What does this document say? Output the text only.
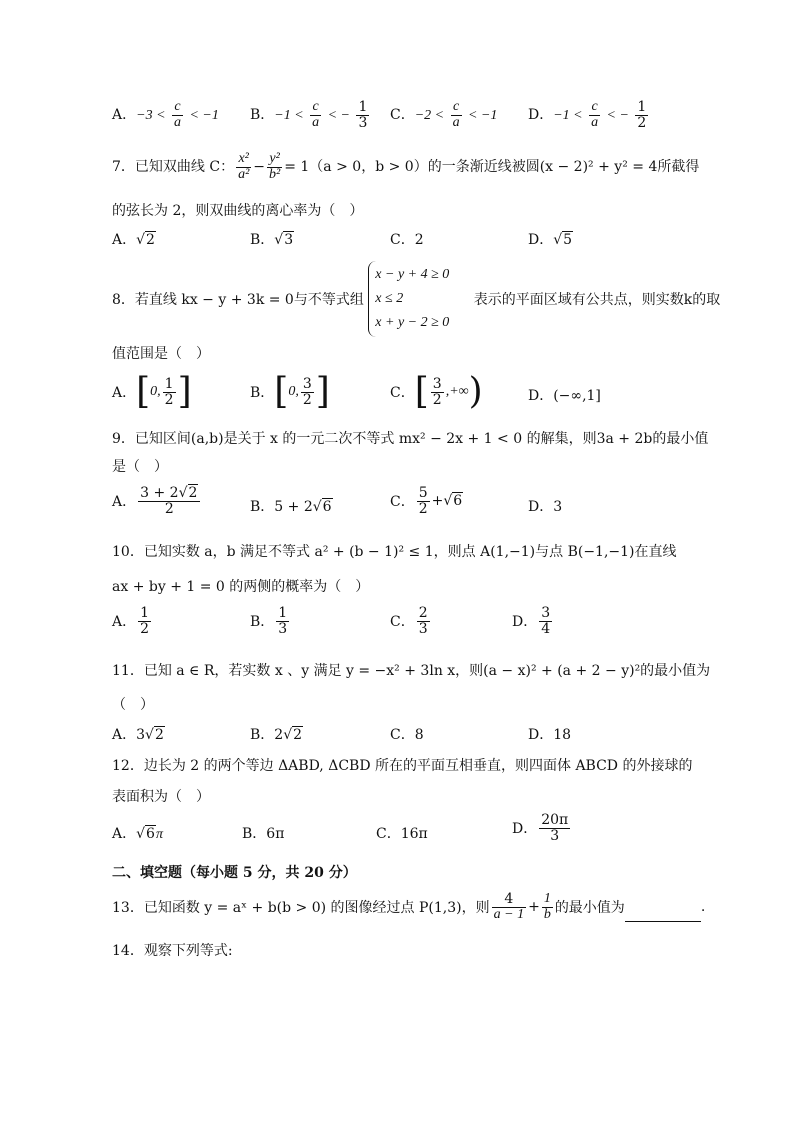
A．$-3 < \frac{c}{a} < -1$ B．$-1 < \frac{c}{a}$ < − $\frac{1}{3}$ C．$-2 < \frac{c}{a} < -1$ D．$-1 < \frac{c}{a}$ < − $\frac{1}{2}$
7．已知双曲线 C： $\frac{\text{x²}}{\text{a²}} - \frac{\text{y²}}{\text{b²}} = 1(a > 0$，b > 0）的一条渐近线被圆(x − 2)² + y² = 4所截得
的弦长为 2，则双曲线的离心率为（　）
A．√2	B．√3	C．2	D．√5
8．若直线 kx − y + 3k = 0与不等式组
x − y + 4 ≥ 0
x ≤ 2
x + y − 2 ≥ 0
表示的平面区域有公共点，则实数k的取
值范围是（　）
A．[0, $\frac{1}{2}$ ]	B．[0, $\frac{3}{2}$ ]	C．[ $\frac{3}{2}$ ,+∞)	D．(−∞,1]
9．已知区间(a,b)是关于 x 的一元二次不等式 mx² − 2x + 1 < 0 的解集，则3a + 2b的最小值
是（　）
A． $\frac{3 + 2√2}{2}$	B．5 + 2√6	C． $\frac{5}{2} +√6$	D．3
10．已知实数 a，b 满足不等式 a² + (b − 1)² ≤ 1，则点 A(1,−1)与点 B(−1,−1)在直线
ax + by + 1 = 0 的两侧的概率为（　）
A． $\frac{1}{2}$	B． $\frac{1}{3}$	C． $\frac{2}{3}$	D． $\frac{3}{4}$
11．已知 a ∈ R，若实数 x 、y 满足 y = −x² + 3ln x，则(a − x)² + (a + 2 − y)²的最小值为
（　）
A．3√2	B．2√2	C．8	D．18
12．边长为 2 的两个等边 ΔABD, ΔCBD 所在的平面互相垂直，则四面体 ABCD 的外接球的
表面积为（　）
A．√6π	B．6π	C．16π	D． $\frac{20\pi}{3}$
二、填空题（每小题 5 分，共 20 分）
13．已知函数 y = aˣ + b(b > 0) 的图像经过点 P(1,3)，则 $\frac{4}{a - 1} + \frac{1}{b}$ 的最小值为	.
14．观察下列等式:
